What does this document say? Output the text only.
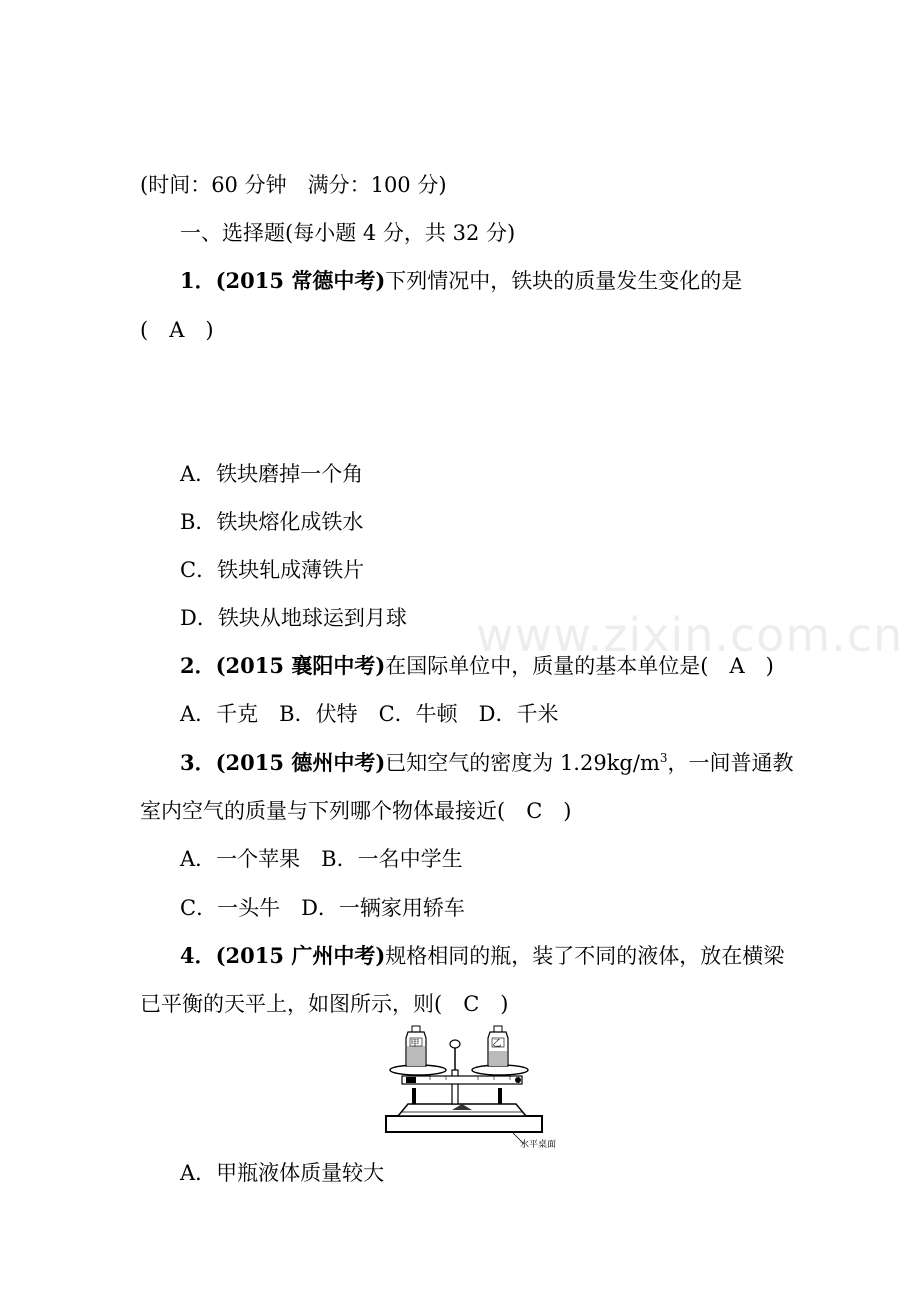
(时间：60 分钟　满分：100 分)
一、选择题(每小题 4 分，共 32 分)
1．(2015 常德中考)下列情况中，铁块的质量发生变化的是
(　A　)
A．铁块磨掉一个角
B．铁块熔化成铁水
C．铁块轧成薄铁片
D．铁块从地球运到月球
2．(2015 襄阳中考)在国际单位中，质量的基本单位是(　A　)
A．千克　B．伏特　C．牛顿　D．千米
3．(2015 德州中考)已知空气的密度为 $1.29kg/m^3$，一间普通教
室内空气的质量与下列哪个物体最接近(　C　)
A．一个苹果　B．一名中学生
C．一头牛　D．一辆家用轿车
4．(2015 广州中考)规格相同的瓶，装了不同的液体，放在横梁
已平衡的天平上，如图所示，则(　C　)
甲	乙
水平桌面
A．甲瓶液体质量较大
www.zixin.com.cn
